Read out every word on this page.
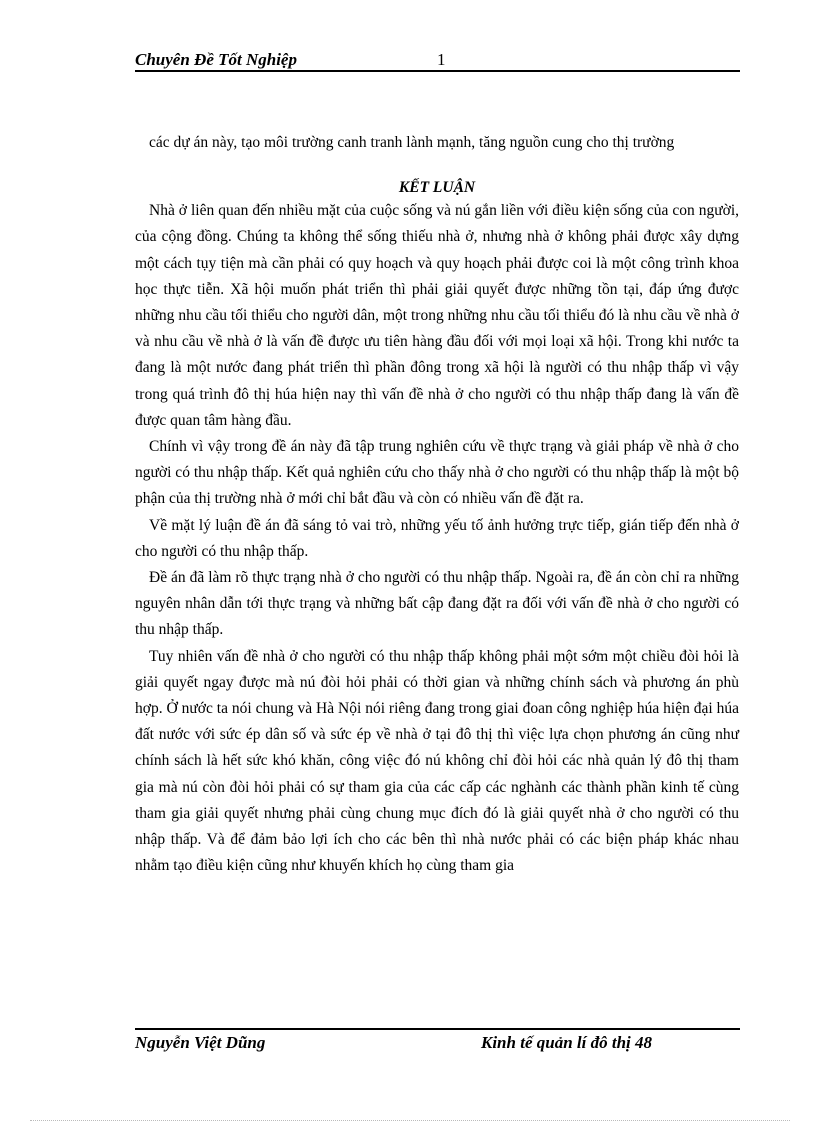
Chuyên Đề Tốt Nghiệp	1

các dự án này, tạo môi trường canh tranh lành mạnh, tăng nguồn cung cho thị trường

KẾT LUẬN

Nhà ở liên quan đến nhiều mặt của cuộc sống và nú gắn liền với điều kiện sống của con người, của cộng đồng. Chúng ta không thể sống thiếu nhà ở, nhưng nhà ở không phải được xây dựng một cách tụy tiện mà cần phải có quy hoạch và quy hoạch phải được coi là một công trình khoa học thực tiễn. Xã hội muốn phát triển thì phải giải quyết được những tồn tại, đáp ứng được những nhu cầu tối thiểu cho người dân, một trong những nhu cầu tối thiểu đó là nhu cầu về nhà ở và nhu cầu về nhà ở là vấn đề được ưu tiên hàng đầu đối với mọi loại xã hội. Trong khi nước ta đang là một nước đang phát triển thì phần đông trong xã hội là người có thu nhập thấp vì vậy trong quá trình đô thị húa hiện nay thì vấn đề nhà ở cho người có thu nhập thấp đang là vấn đề được quan tâm hàng đầu.

Chính vì vậy trong đề án này đã tập trung nghiên cứu về thực trạng và giải pháp về nhà ở cho người có thu nhập thấp. Kết quả nghiên cứu cho thấy nhà ở cho người có thu nhập thấp là một bộ phận của thị trường nhà ở mới chỉ bắt đầu và còn có nhiều vấn đề đặt ra.

Về mặt lý luận đề án đã sáng tỏ vai trò, những yếu tố ảnh hưởng trực tiếp, gián tiếp đến nhà ở cho người có thu nhập thấp.

Đề án đã làm rõ thực trạng nhà ở cho người có thu nhập thấp. Ngoài ra, đề án còn chỉ ra những nguyên nhân dẫn tới thực trạng và những bất cập đang đặt ra đối với vấn đề nhà ở cho người có thu nhập thấp.

Tuy nhiên vấn đề nhà ở cho người có thu nhập thấp không phải một sớm một chiều đòi hỏi là giải quyết ngay được mà nú đòi hỏi phải có thời gian và những chính sách và phương án phù hợp. Ở nước ta nói chung và Hà Nội nói riêng đang trong giai đoan công nghiệp húa hiện đại húa đất nước với sức ép dân số và sức ép về nhà ở tại đô thị thì việc lựa chọn phương án cũng như chính sách là hết sức khó khăn, công việc đó nú không chỉ đòi hỏi các nhà quản lý đô thị tham gia mà nú còn đòi hỏi phải có sự tham gia của các cấp các nghành các thành phần kinh tế cùng tham gia giải quyết nhưng phải cùng chung mục đích đó là giải quyết nhà ở cho người có thu nhập thấp. Và để đảm bảo lợi ích cho các bên thì nhà nước phải có các biện pháp khác nhau nhằm tạo điều kiện cũng như khuyến khích họ cùng tham gia

Nguyễn Việt Dũng	Kinh tế quản lí đô thị 48
